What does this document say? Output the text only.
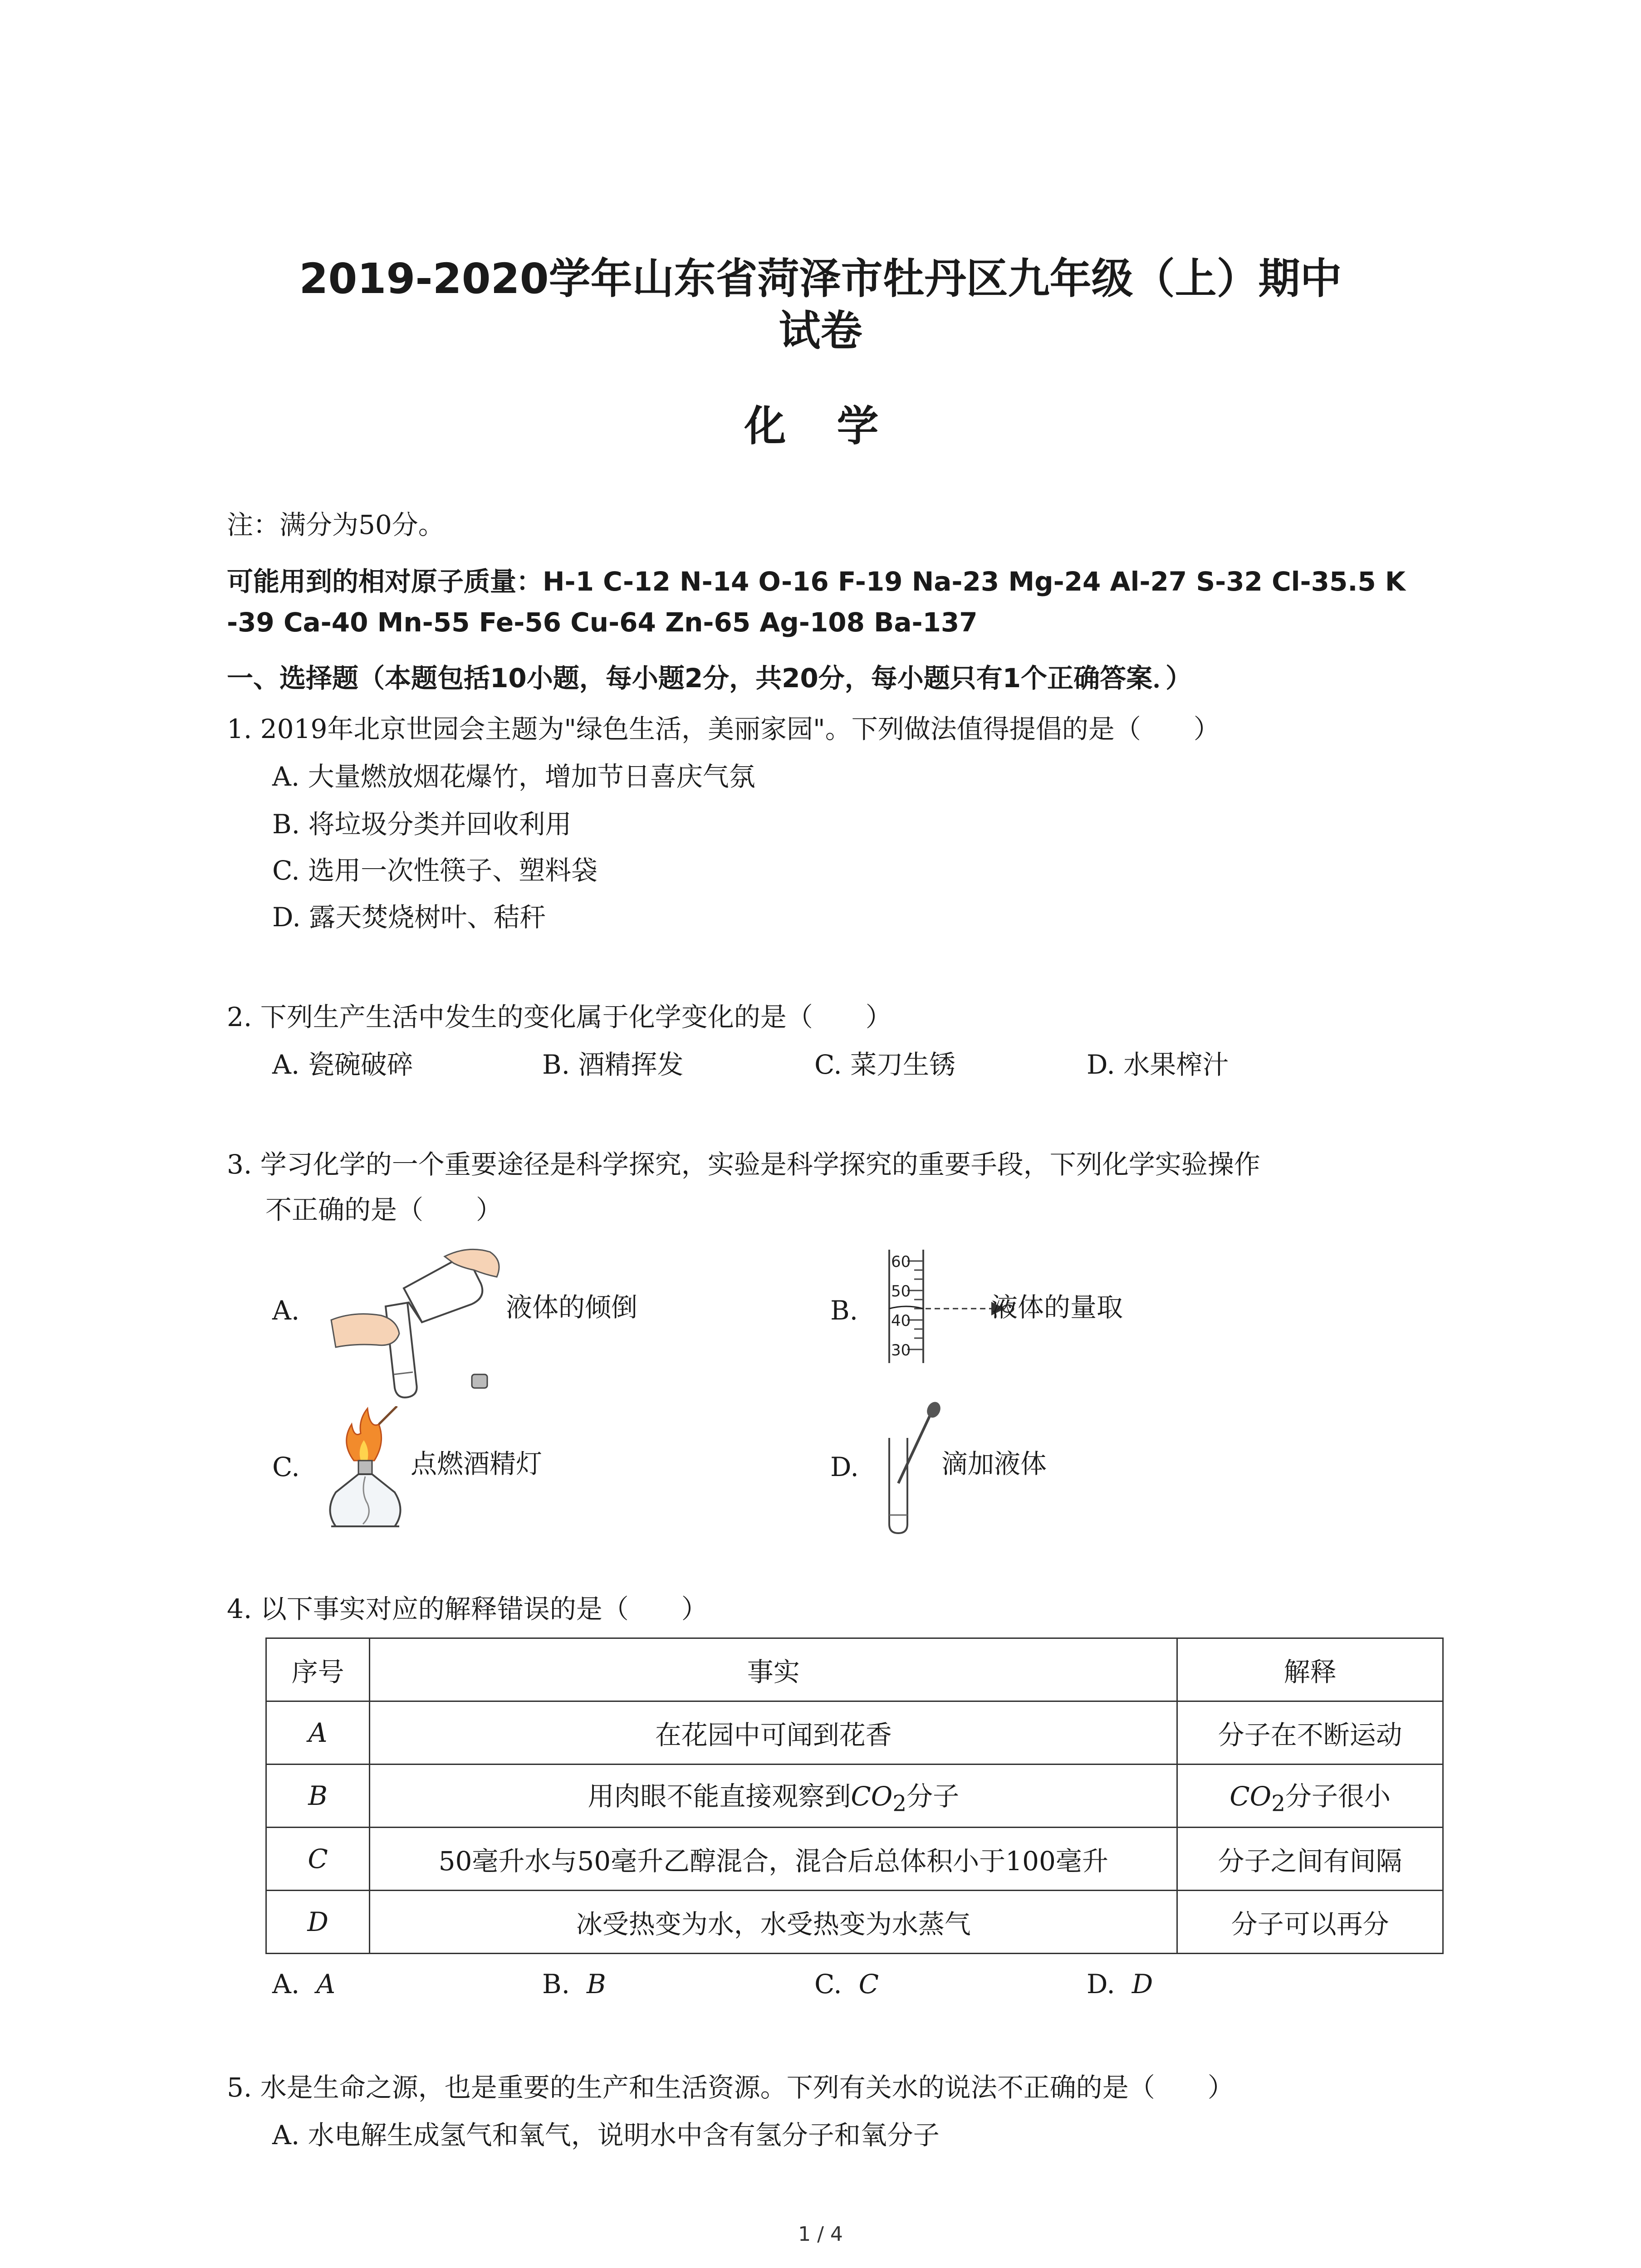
2019-2020学年山东省菏泽市牡丹区九年级（上）期中
试卷
化 学
注：满分为50分。
可能用到的相对原子质量：H-1 C-12 N-14 O-16 F-19 Na-23 Mg-24 Al-27 S-32 Cl-35.5 K
-39 Ca-40 Mn-55 Fe-56 Cu-64 Zn-65 Ag-108 Ba-137
一、选择题（本题包括10小题，每小题2分，共20分，每小题只有1个正确答案．）
1. 2019年北京世园会主题为"绿色生活，美丽家园"。下列做法值得提倡的是（　　）
A. 大量燃放烟花爆竹，增加节日喜庆气氛
B. 将垃圾分类并回收利用
C. 选用一次性筷子、塑料袋
D. 露天焚烧树叶、秸秆
2. 下列生产生活中发生的变化属于化学变化的是（　　）
A. 瓷碗破碎	B. 酒精挥发	C. 菜刀生锈	D. 水果榨汁
3. 学习化学的一个重要途径是科学探究，实验是科学探究的重要手段，下列化学实验操作
不正确的是（　　）
A.	液体的倾倒	B.
60
50
40
30
液体的量取
C.	点燃酒精灯	D.	滴加液体
4. 以下事实对应的解释错误的是（　　）
序号	事实	解释
A	在花园中可闻到花香	分子在不断运动
B	用肉眼不能直接观察到$CO_2$分子	$CO_2$分子很小
C	50毫升水与50毫升乙醇混合，混合后总体积小于100毫升	分子之间有间隔
D	冰受热变为水，水受热变为水蒸气	分子可以再分
A. A	B. B	C. C	D. D
5. 水是生命之源，也是重要的生产和生活资源。下列有关水的说法不正确的是（　　）
A. 水电解生成氢气和氧气，说明水中含有氢分子和氧分子
1 / 4
